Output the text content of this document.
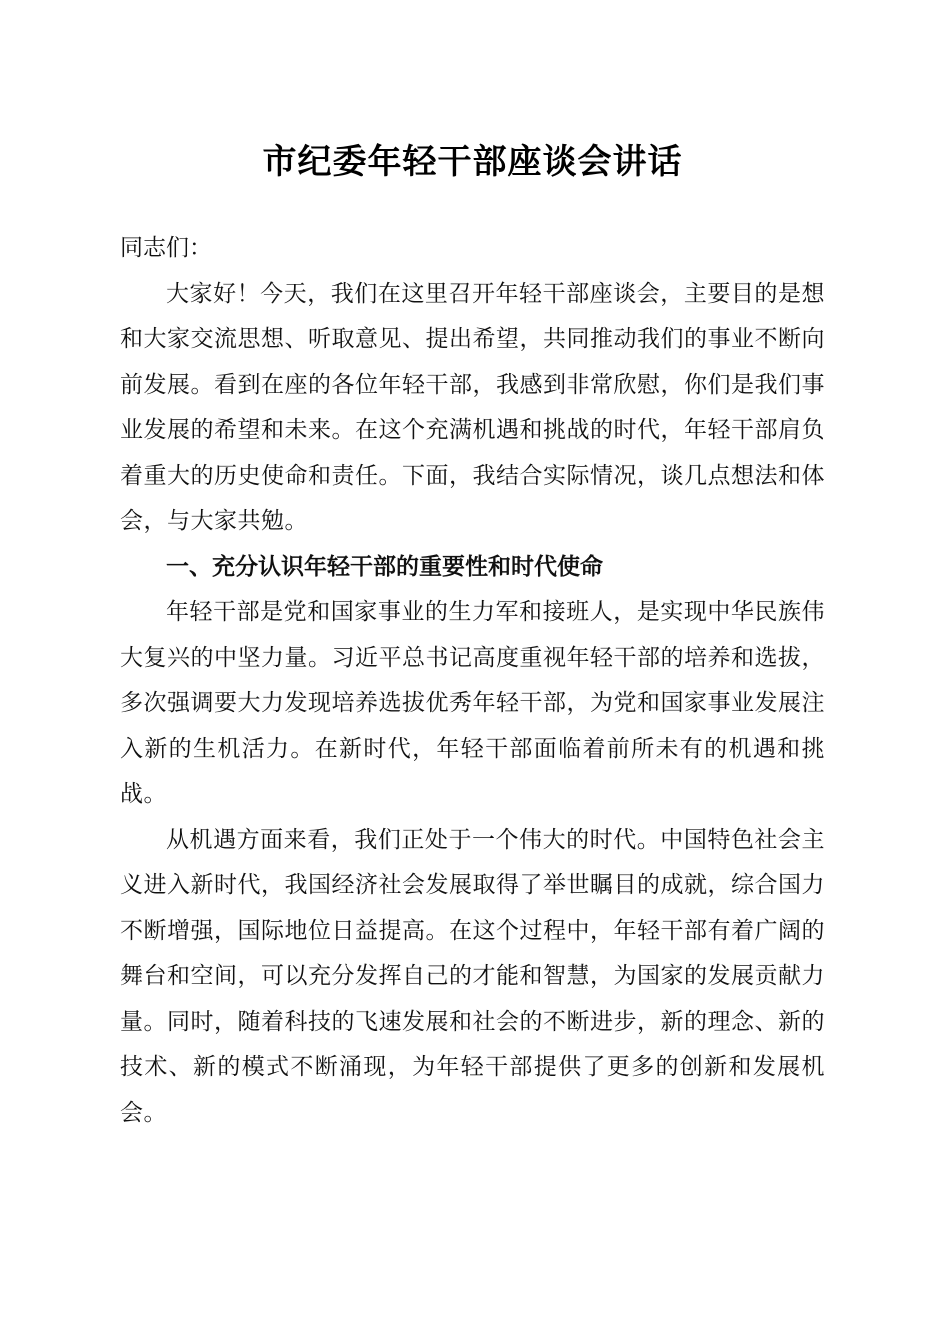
市纪委年轻干部座谈会讲话

同志们：

大家好！今天，我们在这里召开年轻干部座谈会，主要目的是想和大家交流思想、听取意见、提出希望，共同推动我们的事业不断向前发展。看到在座的各位年轻干部，我感到非常欣慰，你们是我们事业发展的希望和未来。在这个充满机遇和挑战的时代，年轻干部肩负着重大的历史使命和责任。下面，我结合实际情况，谈几点想法和体会，与大家共勉。

一、充分认识年轻干部的重要性和时代使命

年轻干部是党和国家事业的生力军和接班人，是实现中华民族伟大复兴的中坚力量。习近平总书记高度重视年轻干部的培养和选拔，多次强调要大力发现培养选拔优秀年轻干部，为党和国家事业发展注入新的生机活力。在新时代，年轻干部面临着前所未有的机遇和挑战。

从机遇方面来看，我们正处于一个伟大的时代。中国特色社会主义进入新时代，我国经济社会发展取得了举世瞩目的成就，综合国力不断增强，国际地位日益提高。在这个过程中，年轻干部有着广阔的舞台和空间，可以充分发挥自己的才能和智慧，为国家的发展贡献力量。同时，随着科技的飞速发展和社会的不断进步，新的理念、新的技术、新的模式不断涌现，为年轻干部提供了更多的创新和发展机会。
